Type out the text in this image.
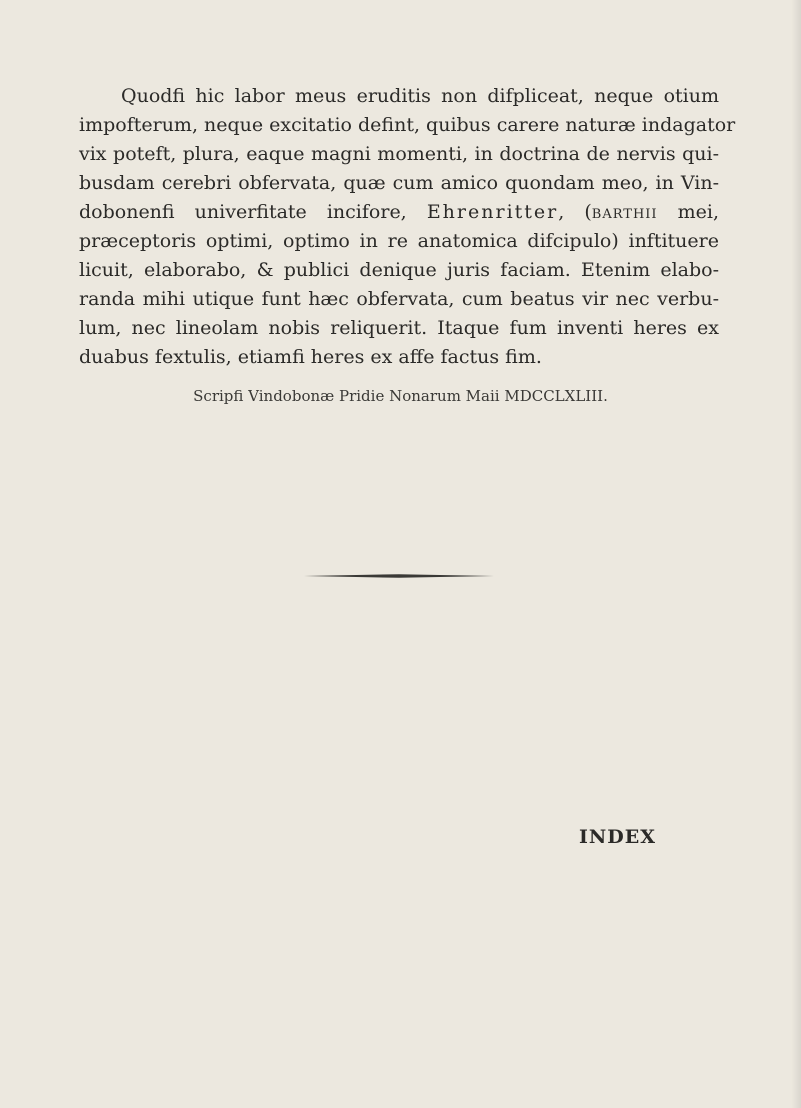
Quodfi hic labor meus eruditis non difpliceat, neque otium
impofterum, neque excitatio defint, quibus carere naturæ indagator
vix poteft, plura, eaque magni momenti, in doctrina de nervis qui-
busdam cerebri obfervata, quæ cum amico quondam meo, in Vin-
dobonenfi univerfitate incifore, Ehrenritter, (barthii mei,
præceptoris optimi, optimo in re anatomica difcipulo) inftituere
licuit, elaborabo, & publici denique juris faciam. Etenim elabo-
randa mihi utique funt hæc obfervata, cum beatus vir nec verbu-
lum, nec lineolam nobis reliquerit. Itaque fum inventi heres ex
duabus fextulis, etiamfi heres ex affe factus fim.
Scripfi Vindobonæ Pridie Nonarum Maii MDCCLXLIII.
INDEX
